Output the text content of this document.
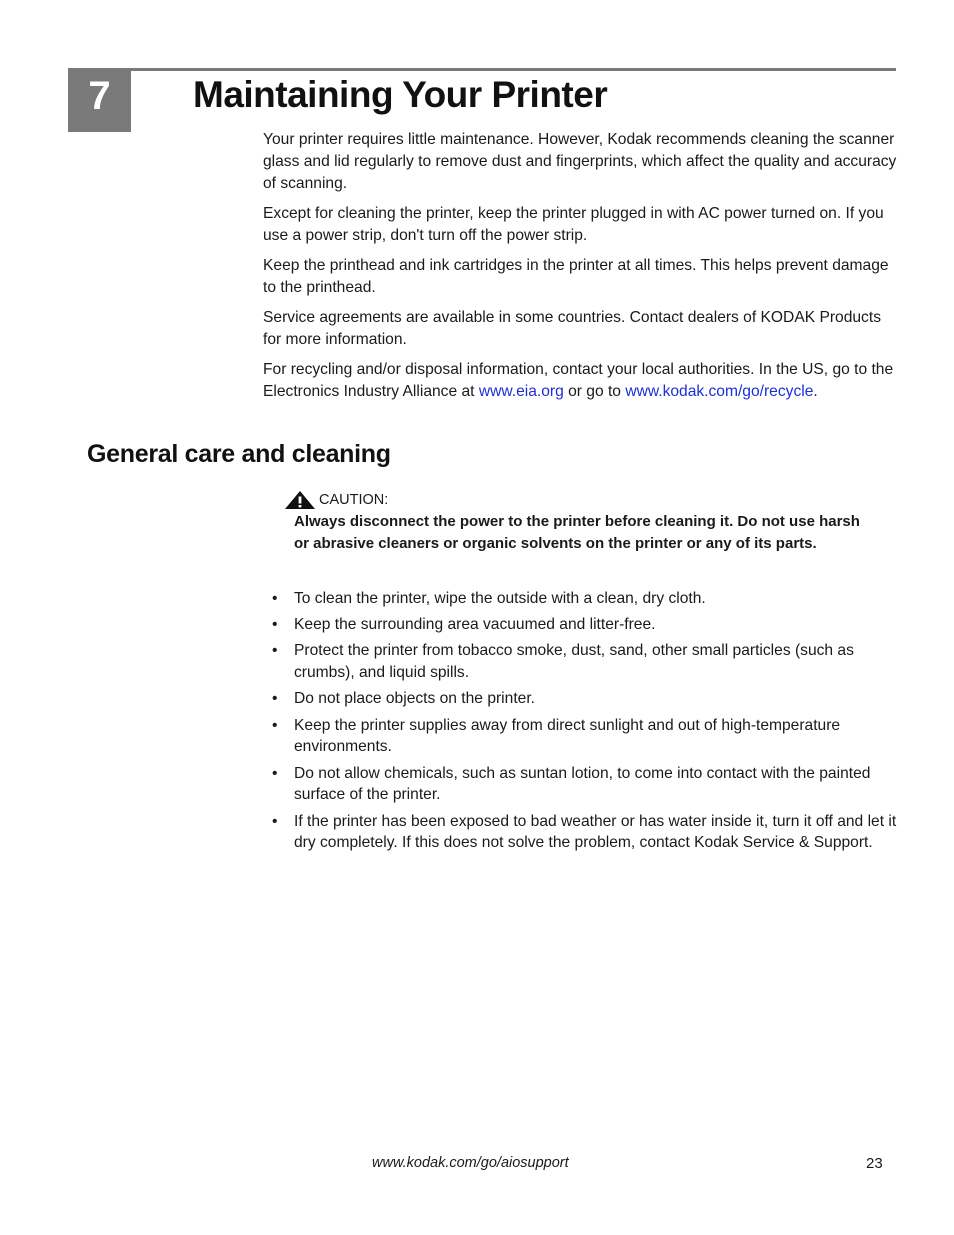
7	Maintaining Your Printer

Your printer requires little maintenance. However, Kodak recommends cleaning the scanner glass and lid regularly to remove dust and fingerprints, which affect the quality and accuracy of scanning.

Except for cleaning the printer, keep the printer plugged in with AC power turned on. If you use a power strip, don't turn off the power strip.

Keep the printhead and ink cartridges in the printer at all times. This helps prevent damage to the printhead.

Service agreements are available in some countries. Contact dealers of KODAK Products for more information.

For recycling and/or disposal information, contact your local authorities. In the US, go to the Electronics Industry Alliance at www.eia.org or go to www.kodak.com/go/recycle.

General care and cleaning
CAUTION:

Always disconnect the power to the printer before cleaning it. Do not use harsh or abrasive cleaners or organic solvents on the printer or any of its parts.

• To clean the printer, wipe the outside with a clean, dry cloth.
• Keep the surrounding area vacuumed and litter-free.
• Protect the printer from tobacco smoke, dust, sand, other small particles (such as crumbs), and liquid spills.
• Do not place objects on the printer.
• Keep the printer supplies away from direct sunlight and out of high-temperature environments.
• Do not allow chemicals, such as suntan lotion, to come into contact with the painted surface of the printer.
• If the printer has been exposed to bad weather or has water inside it, turn it off and let it dry completely. If this does not solve the problem, contact Kodak Service & Support.
www.kodak.com/go/aiosupport	23
